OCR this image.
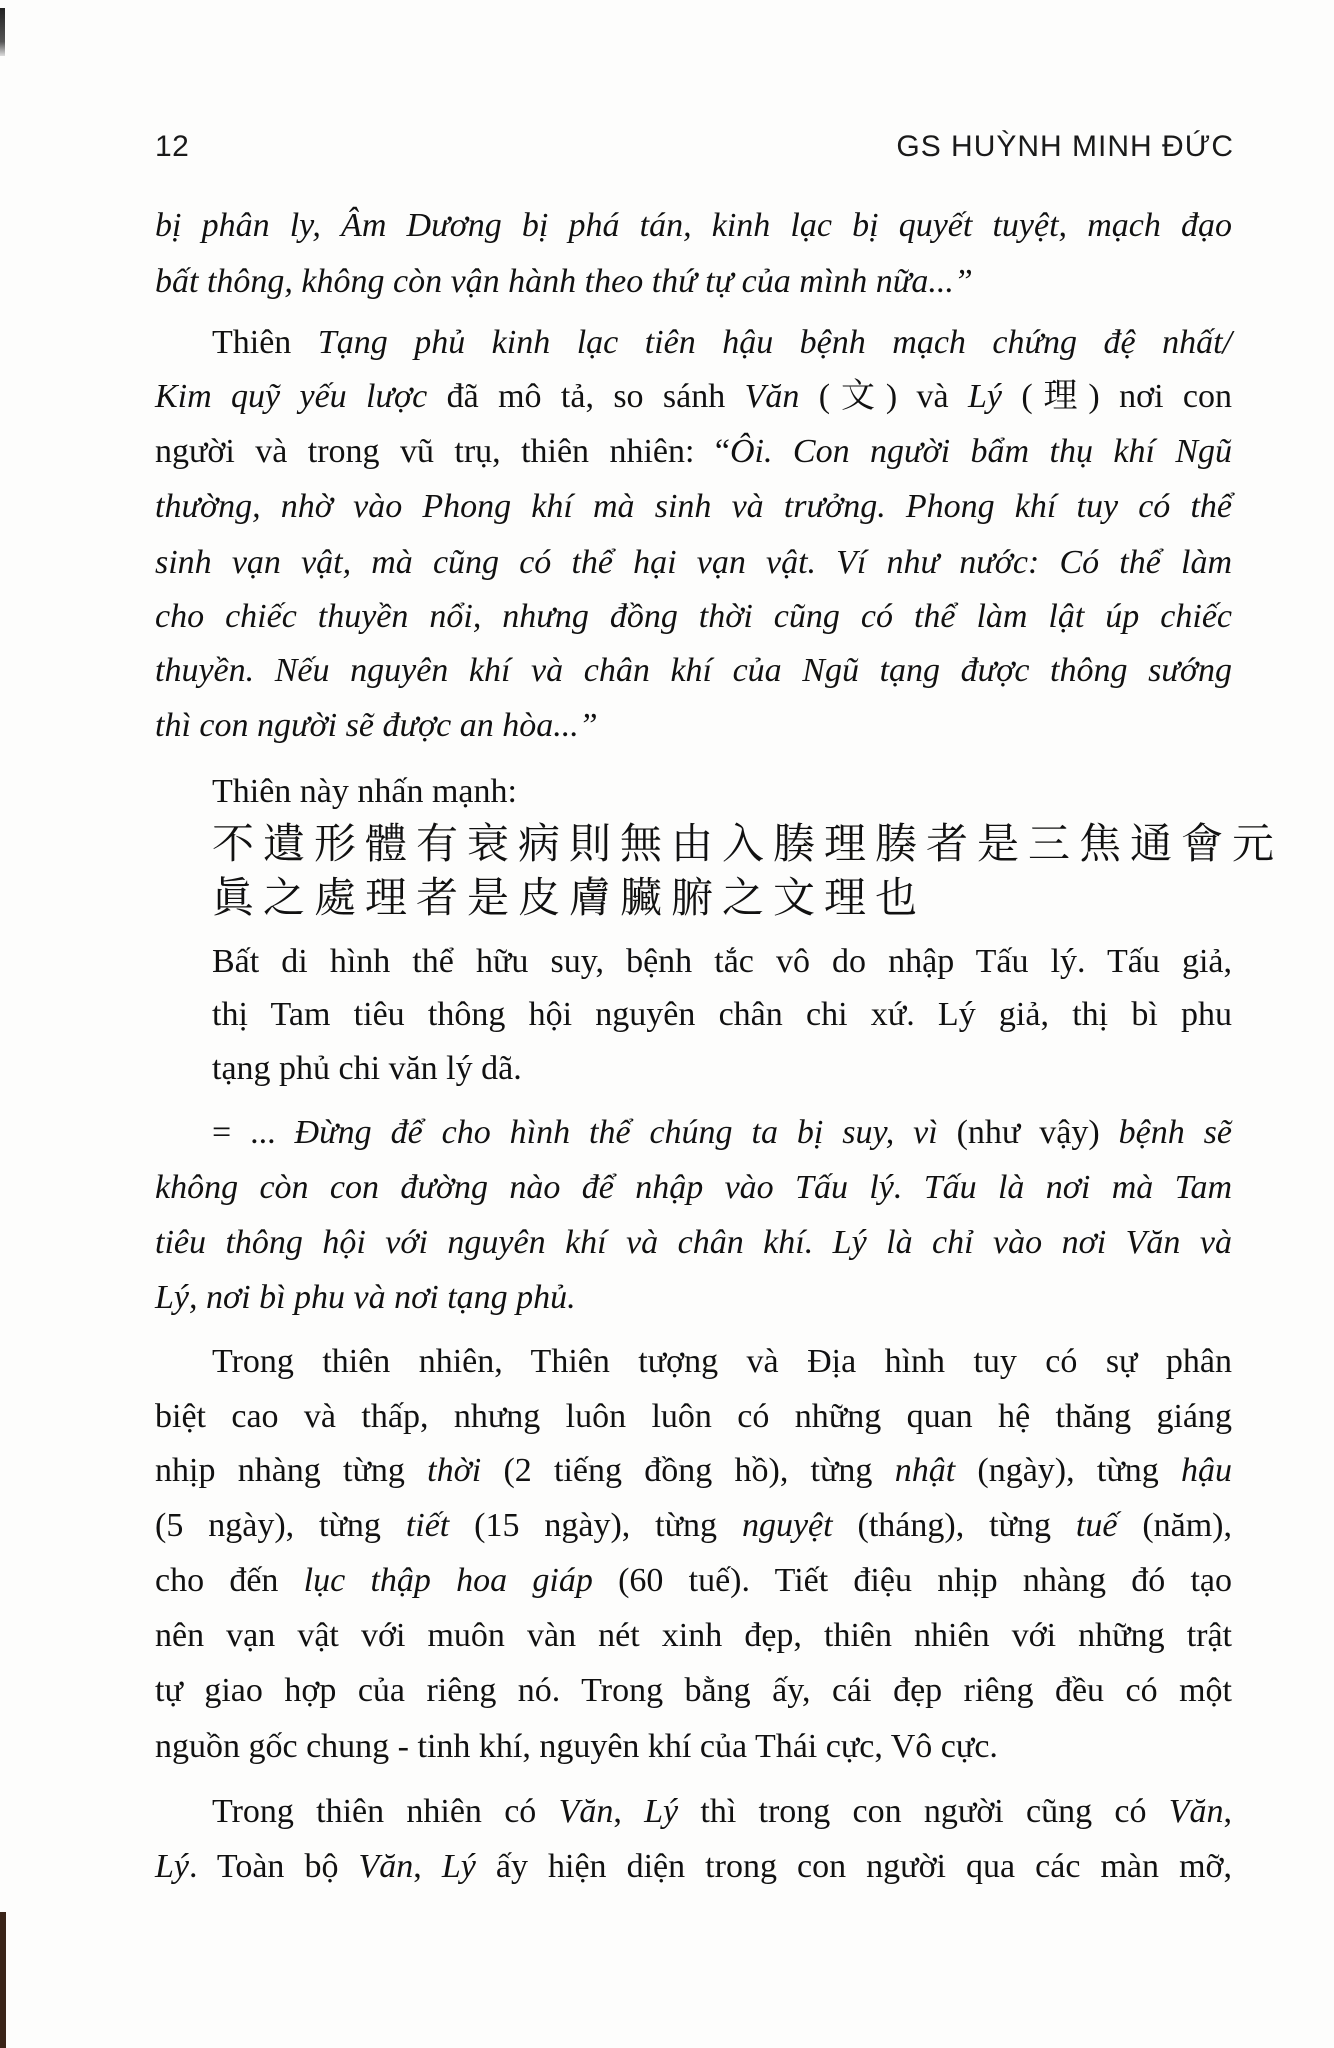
12	GS HUỲNH MINH ĐỨC
bị phân ly, Âm Dương bị phá tán, kinh lạc bị quyết tuyệt, mạch đạo
bất thông, không còn vận hành theo thứ tự của mình nữa...”
Thiên Tạng phủ kinh lạc tiên hậu bệnh mạch chứng đệ nhất/
Kim quỹ yếu lược đã mô tả, so sánh Văn (文) và Lý (理) nơi con
người và trong vũ trụ, thiên nhiên: “Ôi. Con người bẩm thụ khí Ngũ
thường, nhờ vào Phong khí mà sinh và trưởng. Phong khí tuy có thể
sinh vạn vật, mà cũng có thể hại vạn vật. Ví như nước: Có thể làm
cho chiếc thuyền nổi, nhưng đồng thời cũng có thể làm lật úp chiếc
thuyền. Nếu nguyên khí và chân khí của Ngũ tạng được thông sướng
thì con người sẽ được an hòa...”
Thiên này nhấn mạnh:
不遺形體有衰病則無由入腠理腠者是三焦通會元
眞之處理者是皮膚臟腑之文理也
Bất di hình thể hữu suy, bệnh tắc vô do nhập Tấu lý. Tấu giả,
thị Tam tiêu thông hội nguyên chân chi xứ. Lý giả, thị bì phu
tạng phủ chi văn lý dã.
= ... Đừng để cho hình thể chúng ta bị suy, vì (như vậy) bệnh sẽ
không còn con đường nào để nhập vào Tấu lý. Tấu là nơi mà Tam
tiêu thông hội với nguyên khí và chân khí. Lý là chỉ vào nơi Văn và
Lý, nơi bì phu và nơi tạng phủ.
Trong thiên nhiên, Thiên tượng và Địa hình tuy có sự phân
biệt cao và thấp, nhưng luôn luôn có những quan hệ thăng giáng
nhịp nhàng từng thời (2 tiếng đồng hồ), từng nhật (ngày), từng hậu
(5 ngày), từng tiết (15 ngày), từng nguyệt (tháng), từng tuế (năm),
cho đến lục thập hoa giáp (60 tuế). Tiết điệu nhịp nhàng đó tạo
nên vạn vật với muôn vàn nét xinh đẹp, thiên nhiên với những trật
tự giao hợp của riêng nó. Trong bằng ấy, cái đẹp riêng đều có một
nguồn gốc chung - tinh khí, nguyên khí của Thái cực, Vô cực.
Trong thiên nhiên có Văn, Lý thì trong con người cũng có Văn,
Lý. Toàn bộ Văn, Lý ấy hiện diện trong con người qua các màn mỡ,
